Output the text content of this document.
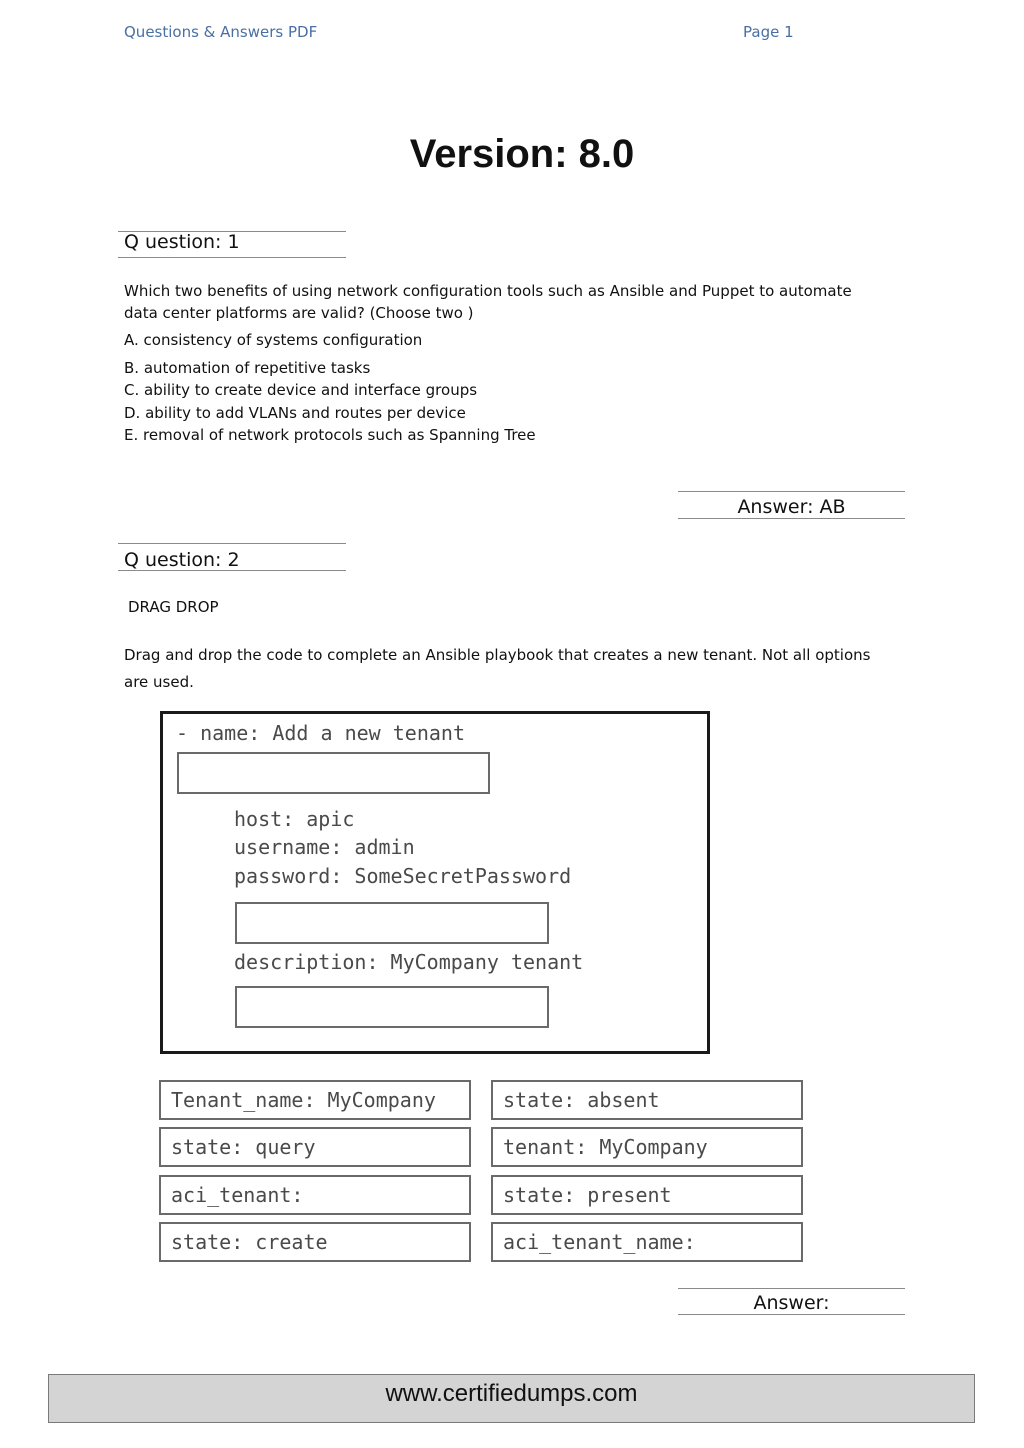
Questions & Answers PDF	Page 1
Version: 8.0
Q uestion: 1
Which two benefits of using network configuration tools such as Ansible and Puppet to automate
data center platforms are valid? (Choose two )
A. consistency of systems configuration
B. automation of repetitive tasks
C. ability to create device and interface groups
D. ability to add VLANs and routes per device
E. removal of network protocols such as Spanning Tree
Answer: AB
Q uestion: 2
DRAG DROP
Drag and drop the code to complete an Ansible playbook that creates a new tenant. Not all options
are used.
- name: Add a new tenant
host: apic
username: admin
password: SomeSecretPassword
description: MyCompany tenant
Tenant_name: MyCompany	state: absent
state: query	tenant: MyCompany
aci_tenant:	state: present
state: create	aci_tenant_name:
Answer:
www.certifiedumps.com
